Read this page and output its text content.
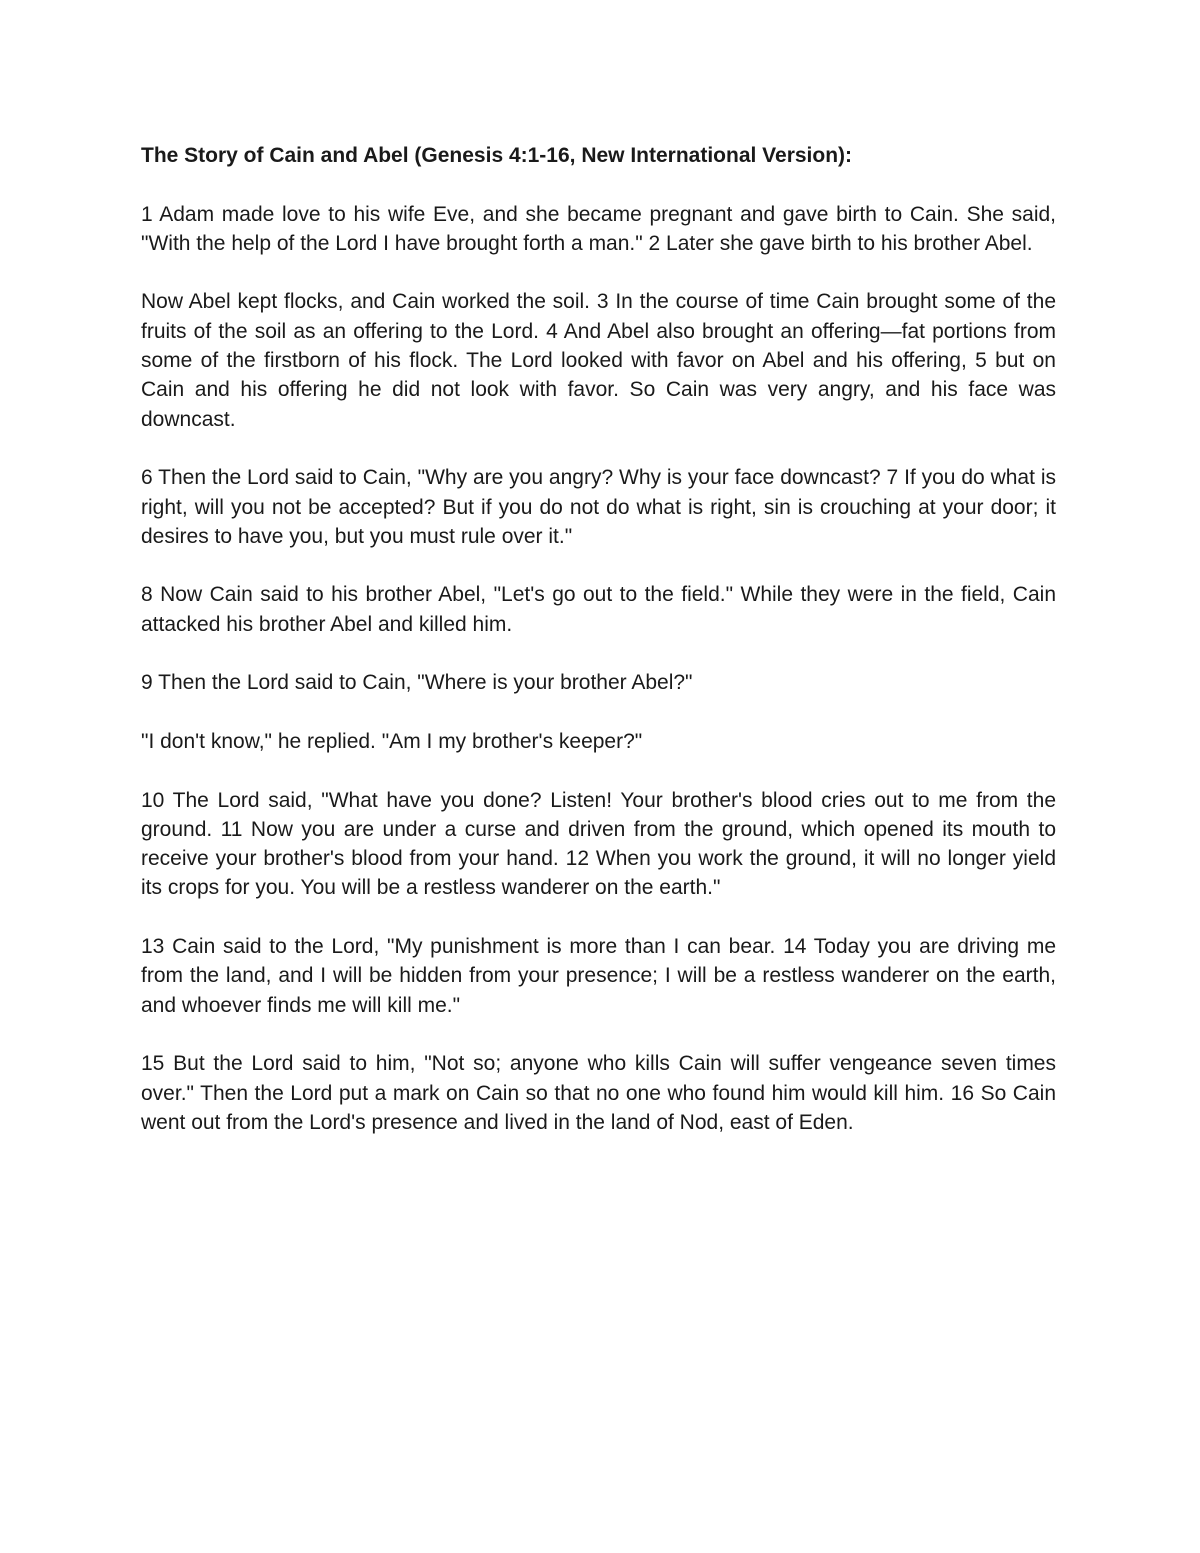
The Story of Cain and Abel (Genesis 4:1-16, New International Version):

1 Adam made love to his wife Eve, and she became pregnant and gave birth to Cain. She said, "With the help of the Lord I have brought forth a man." 2 Later she gave birth to his brother Abel.

Now Abel kept flocks, and Cain worked the soil. 3 In the course of time Cain brought some of the fruits of the soil as an offering to the Lord. 4 And Abel also brought an offering—fat portions from some of the firstborn of his flock. The Lord looked with favor on Abel and his offering, 5 but on Cain and his offering he did not look with favor. So Cain was very angry, and his face was downcast.

6 Then the Lord said to Cain, "Why are you angry? Why is your face downcast? 7 If you do what is right, will you not be accepted? But if you do not do what is right, sin is crouching at your door; it desires to have you, but you must rule over it."

8 Now Cain said to his brother Abel, "Let's go out to the field." While they were in the field, Cain attacked his brother Abel and killed him.

9 Then the Lord said to Cain, "Where is your brother Abel?"

"I don't know," he replied. "Am I my brother's keeper?"

10 The Lord said, "What have you done? Listen! Your brother's blood cries out to me from the ground. 11 Now you are under a curse and driven from the ground, which opened its mouth to receive your brother's blood from your hand. 12 When you work the ground, it will no longer yield its crops for you. You will be a restless wanderer on the earth."

13 Cain said to the Lord, "My punishment is more than I can bear. 14 Today you are driving me from the land, and I will be hidden from your presence; I will be a restless wanderer on the earth, and whoever finds me will kill me."

15 But the Lord said to him, "Not so; anyone who kills Cain will suffer vengeance seven times over." Then the Lord put a mark on Cain so that no one who found him would kill him. 16 So Cain went out from the Lord's presence and lived in the land of Nod, east of Eden.
